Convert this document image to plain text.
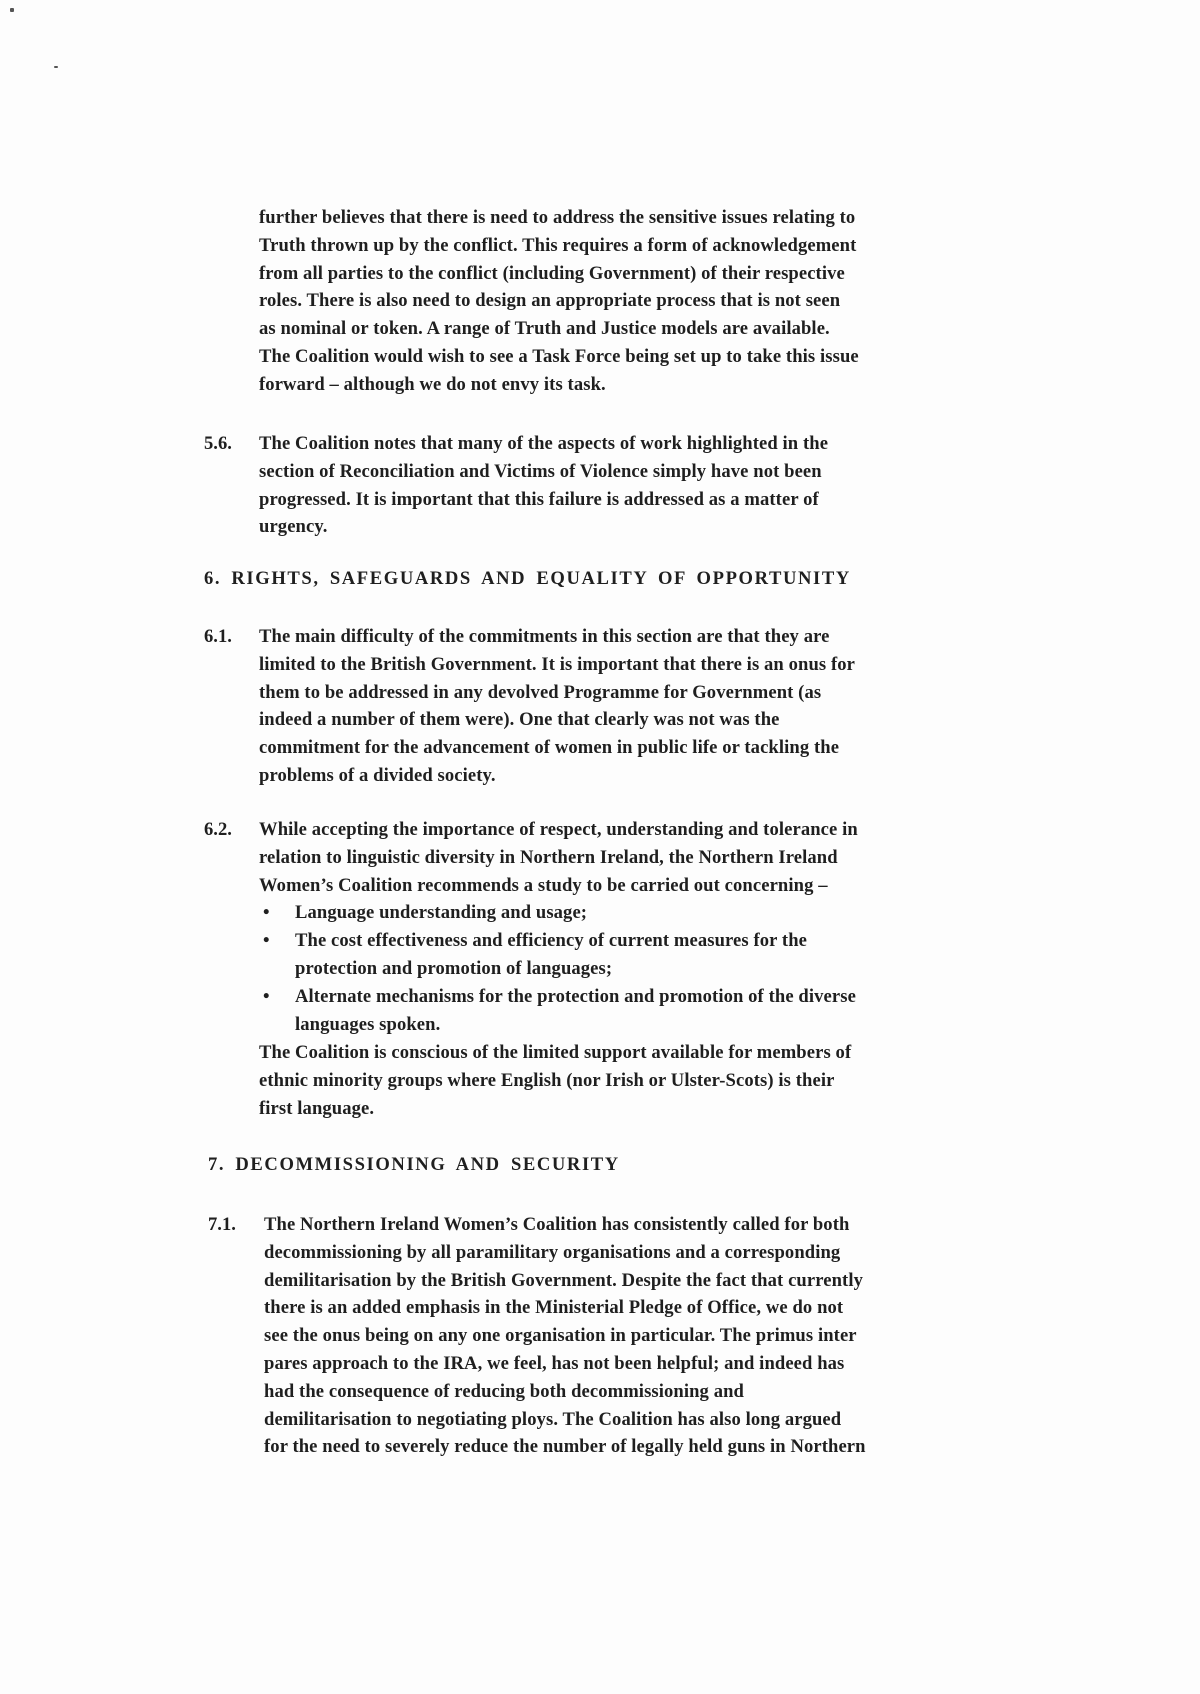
further believes that there is need to address the sensitive issues relating to
Truth thrown up by the conflict. This requires a form of acknowledgement
from all parties to the conflict (including Government) of their respective
roles. There is also need to design an appropriate process that is not seen
as nominal or token. A range of Truth and Justice models are available.
The Coalition would wish to see a Task Force being set up to take this issue
forward – although we do not envy its task.
5.6. The Coalition notes that many of the aspects of work highlighted in the
section of Reconciliation and Victims of Violence simply have not been
progressed. It is important that this failure is addressed as a matter of
urgency.
6. RIGHTS, SAFEGUARDS AND EQUALITY OF OPPORTUNITY
6.1. The main difficulty of the commitments in this section are that they are
limited to the British Government. It is important that there is an onus for
them to be addressed in any devolved Programme for Government (as
indeed a number of them were). One that clearly was not was the
commitment for the advancement of women in public life or tackling the
problems of a divided society.
6.2. While accepting the importance of respect, understanding and tolerance in
relation to linguistic diversity in Northern Ireland, the Northern Ireland
Women’s Coalition recommends a study to be carried out concerning –
• Language understanding and usage;
• The cost effectiveness and efficiency of current measures for the
protection and promotion of languages;
• Alternate mechanisms for the protection and promotion of the diverse
languages spoken.
The Coalition is conscious of the limited support available for members of
ethnic minority groups where English (nor Irish or Ulster-Scots) is their
first language.
7. DECOMMISSIONING AND SECURITY
7.1. The Northern Ireland Women’s Coalition has consistently called for both
decommissioning by all paramilitary organisations and a corresponding
demilitarisation by the British Government. Despite the fact that currently
there is an added emphasis in the Ministerial Pledge of Office, we do not
see the onus being on any one organisation in particular. The primus inter
pares approach to the IRA, we feel, has not been helpful; and indeed has
had the consequence of reducing both decommissioning and
demilitarisation to negotiating ploys. The Coalition has also long argued
for the need to severely reduce the number of legally held guns in Northern
